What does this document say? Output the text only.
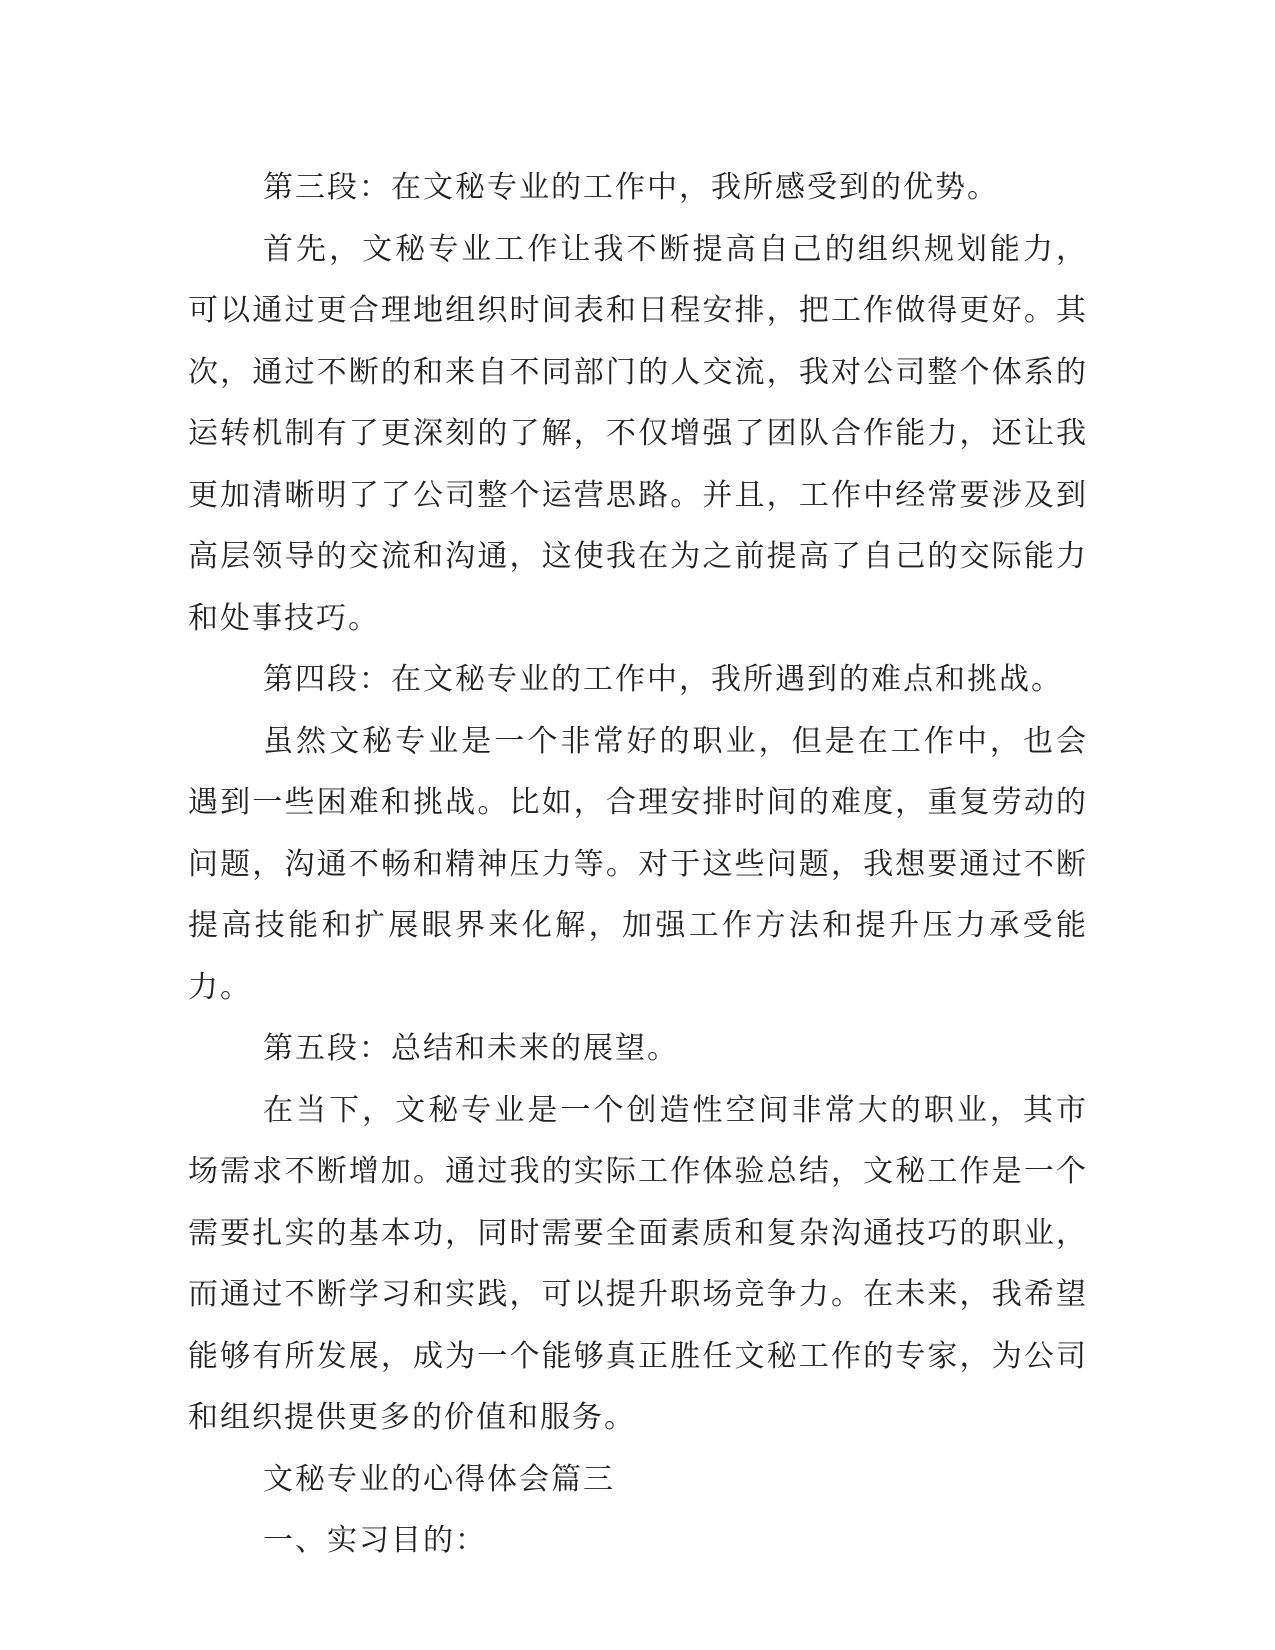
第三段：在文秘专业的工作中，我所感受到的优势。

首先，文秘专业工作让我不断提高自己的组织规划能力，可以通过更合理地组织时间表和日程安排，把工作做得更好。其次，通过不断的和来自不同部门的人交流，我对公司整个体系的运转机制有了更深刻的了解，不仅增强了团队合作能力，还让我更加清晰明了了公司整个运营思路。并且，工作中经常要涉及到高层领导的交流和沟通，这使我在为之前提高了自己的交际能力和处事技巧。

第四段：在文秘专业的工作中，我所遇到的难点和挑战。

虽然文秘专业是一个非常好的职业，但是在工作中，也会遇到一些困难和挑战。比如，合理安排时间的难度，重复劳动的问题，沟通不畅和精神压力等。对于这些问题，我想要通过不断提高技能和扩展眼界来化解，加强工作方法和提升压力承受能力。

第五段：总结和未来的展望。

在当下，文秘专业是一个创造性空间非常大的职业，其市场需求不断增加。通过我的实际工作体验总结，文秘工作是一个需要扎实的基本功，同时需要全面素质和复杂沟通技巧的职业，而通过不断学习和实践，可以提升职场竞争力。在未来，我希望能够有所发展，成为一个能够真正胜任文秘工作的专家，为公司和组织提供更多的价值和服务。

文秘专业的心得体会篇三

一、实习目的：
